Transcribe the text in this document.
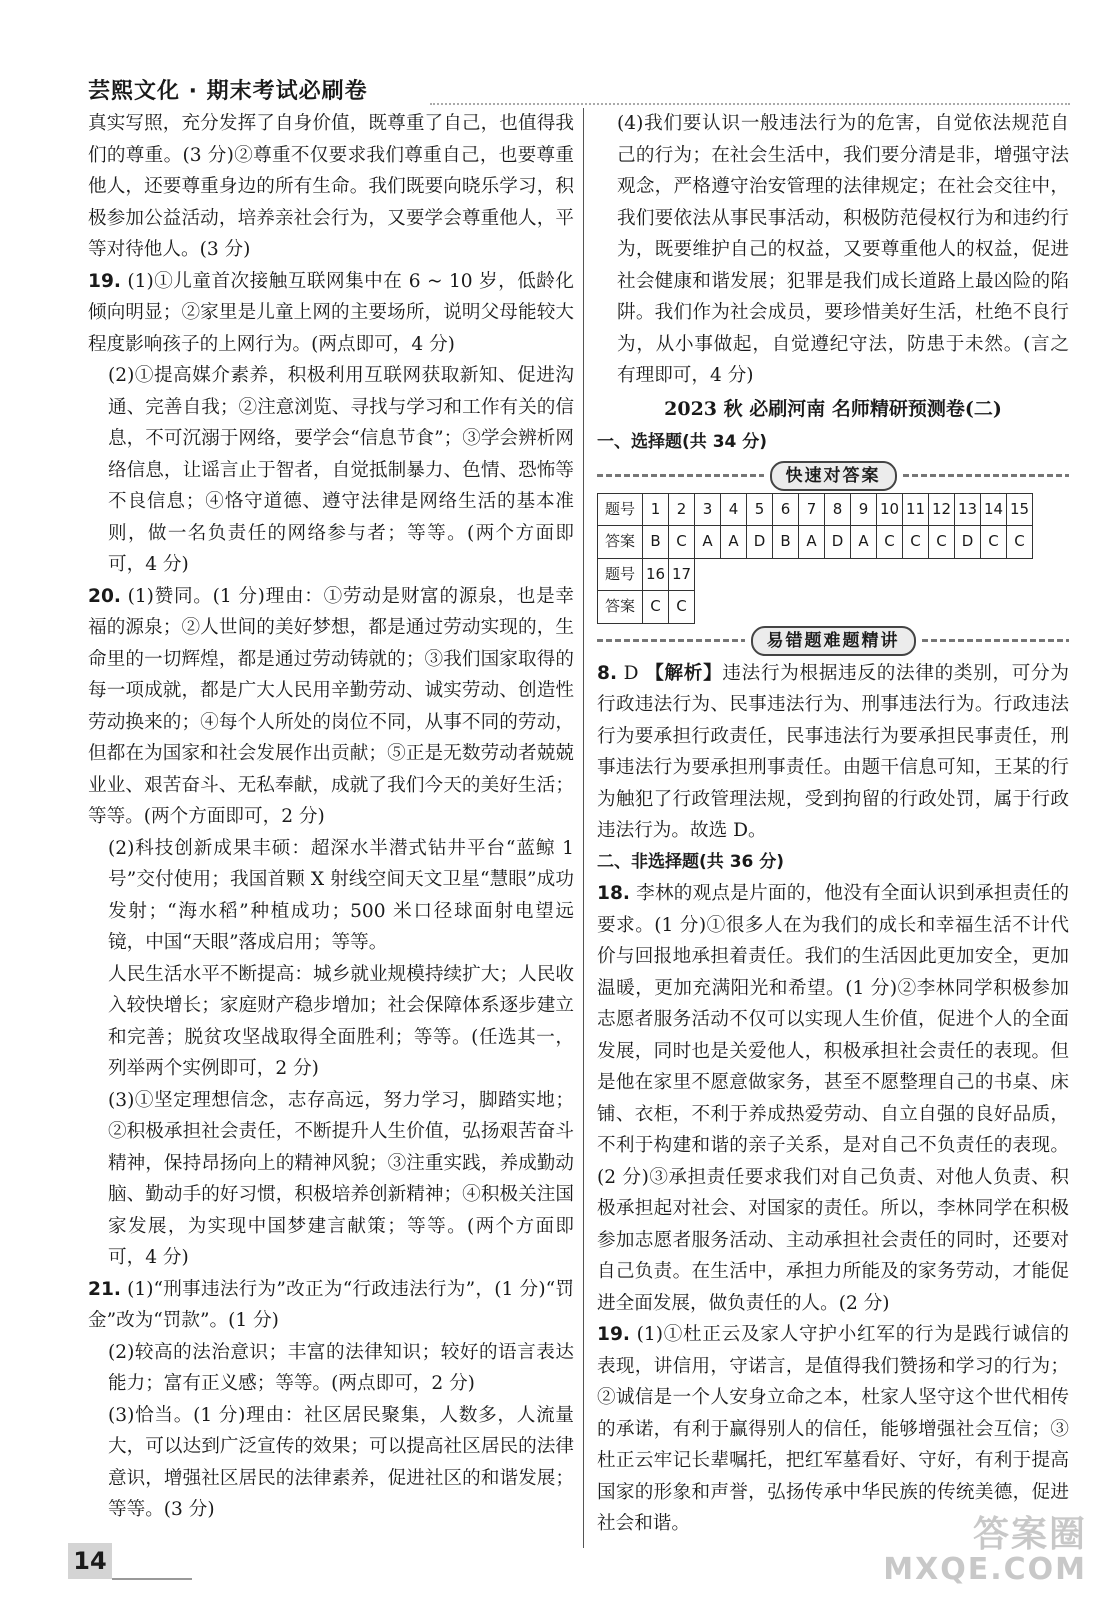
芸熙文化 · 期末考试必刷卷
真实写照，充分发挥了自身价值，既尊重了自己，也值得我们的尊重。(3 分)②尊重不仅要求我们尊重自己，也要尊重他人，还要尊重身边的所有生命。我们既要向晓乐学习，积极参加公益活动，培养亲社会行为，又要学会尊重他人，平等对待他人。(3 分)
19. (1)①儿童首次接触互联网集中在 6 ~ 10 岁，低龄化倾向明显；②家里是儿童上网的主要场所，说明父母能较大程度影响孩子的上网行为。(两点即可，4 分)
(2)①提高媒介素养，积极利用互联网获取新知、促进沟通、完善自我；②注意浏览、寻找与学习和工作有关的信息，不可沉溺于网络，要学会“信息节食”；③学会辨析网络信息，让谣言止于智者，自觉抵制暴力、色情、恐怖等不良信息；④恪守道德、遵守法律是网络生活的基本准则，做一名负责任的网络参与者；等等。(两个方面即可，4 分)
20. (1)赞同。(1 分)理由：①劳动是财富的源泉，也是幸福的源泉；②人世间的美好梦想，都是通过劳动实现的，生命里的一切辉煌，都是通过劳动铸就的；③我们国家取得的每一项成就，都是广大人民用辛勤劳动、诚实劳动、创造性劳动换来的；④每个人所处的岗位不同，从事不同的劳动，但都在为国家和社会发展作出贡献；⑤正是无数劳动者兢兢业业、艰苦奋斗、无私奉献，成就了我们今天的美好生活；等等。(两个方面即可，2 分)
(2)科技创新成果丰硕：超深水半潜式钻井平台“蓝鲸 1 号”交付使用；我国首颗 X 射线空间天文卫星“慧眼”成功发射；“海水稻”种植成功；500 米口径球面射电望远镜，中国“天眼”落成启用；等等。
人民生活水平不断提高：城乡就业规模持续扩大；人民收入较快增长；家庭财产稳步增加；社会保障体系逐步建立和完善；脱贫攻坚战取得全面胜利；等等。(任选其一，列举两个实例即可，2 分)
(3)①坚定理想信念，志存高远，努力学习，脚踏实地；②积极承担社会责任，不断提升人生价值，弘扬艰苦奋斗精神，保持昂扬向上的精神风貌；③注重实践，养成勤动脑、勤动手的好习惯，积极培养创新精神；④积极关注国家发展，为实现中国梦建言献策；等等。(两个方面即可，4 分)
21. (1)“刑事违法行为”改正为“行政违法行为”，(1 分)“罚金”改为“罚款”。(1 分)
(2)较高的法治意识；丰富的法律知识；较好的语言表达能力；富有正义感；等等。(两点即可，2 分)
(3)恰当。(1 分)理由：社区居民聚集，人数多，人流量大，可以达到广泛宣传的效果；可以提高社区居民的法律意识，增强社区居民的法律素养，促进社区的和谐发展；等等。(3 分)
(4)我们要认识一般违法行为的危害，自觉依法规范自己的行为；在社会生活中，我们要分清是非，增强守法观念，严格遵守治安管理的法律规定；在社会交往中，我们要依法从事民事活动，积极防范侵权行为和违约行为，既要维护自己的权益，又要尊重他人的权益，促进社会健康和谐发展；犯罪是我们成长道路上最凶险的陷阱。我们作为社会成员，要珍惜美好生活，杜绝不良行为，从小事做起，自觉遵纪守法，防患于未然。(言之有理即可，4 分)
2023 秋 必刷河南 名师精研预测卷(二)
一、选择题(共 34 分)
快速对答案
题号	1	2	3	4	5	6	7	8	9	10	11	12	13	14	15
答案	B	C	A	A	D	B	A	D	A	C	C	C	D	C	C
题号	16	17													
答案	C	C													
易错题难题精讲
8. D 【解析】违法行为根据违反的法律的类别，可分为行政违法行为、民事违法行为、刑事违法行为。行政违法行为要承担行政责任，民事违法行为要承担民事责任，刑事违法行为要承担刑事责任。由题干信息可知，王某的行为触犯了行政管理法规，受到拘留的行政处罚，属于行政违法行为。故选 D。
二、非选择题(共 36 分)
18. 李林的观点是片面的，他没有全面认识到承担责任的要求。(1 分)①很多人在为我们的成长和幸福生活不计代价与回报地承担着责任。我们的生活因此更加安全，更加温暖，更加充满阳光和希望。(1 分)②李林同学积极参加志愿者服务活动不仅可以实现人生价值，促进个人的全面发展，同时也是关爱他人，积极承担社会责任的表现。但是他在家里不愿意做家务，甚至不愿整理自己的书桌、床铺、衣柜，不利于养成热爱劳动、自立自强的良好品质，不利于构建和谐的亲子关系，是对自己不负责任的表现。(2 分)③承担责任要求我们对自己负责、对他人负责、积极承担起对社会、对国家的责任。所以，李林同学在积极参加志愿者服务活动、主动承担社会责任的同时，还要对自己负责。在生活中，承担力所能及的家务劳动，才能促进全面发展，做负责任的人。(2 分)
19. (1)①杜正云及家人守护小红军的行为是践行诚信的表现，讲信用，守诺言，是值得我们赞扬和学习的行为；②诚信是一个人安身立命之本，杜家人坚守这个世代相传的承诺，有利于赢得别人的信任，能够增强社会互信；③杜正云牢记长辈嘱托，把红军墓看好、守好，有利于提高国家的形象和声誉，弘扬传承中华民族的传统美德，促进社会和谐。
14
答案圈
MXQE.COM
